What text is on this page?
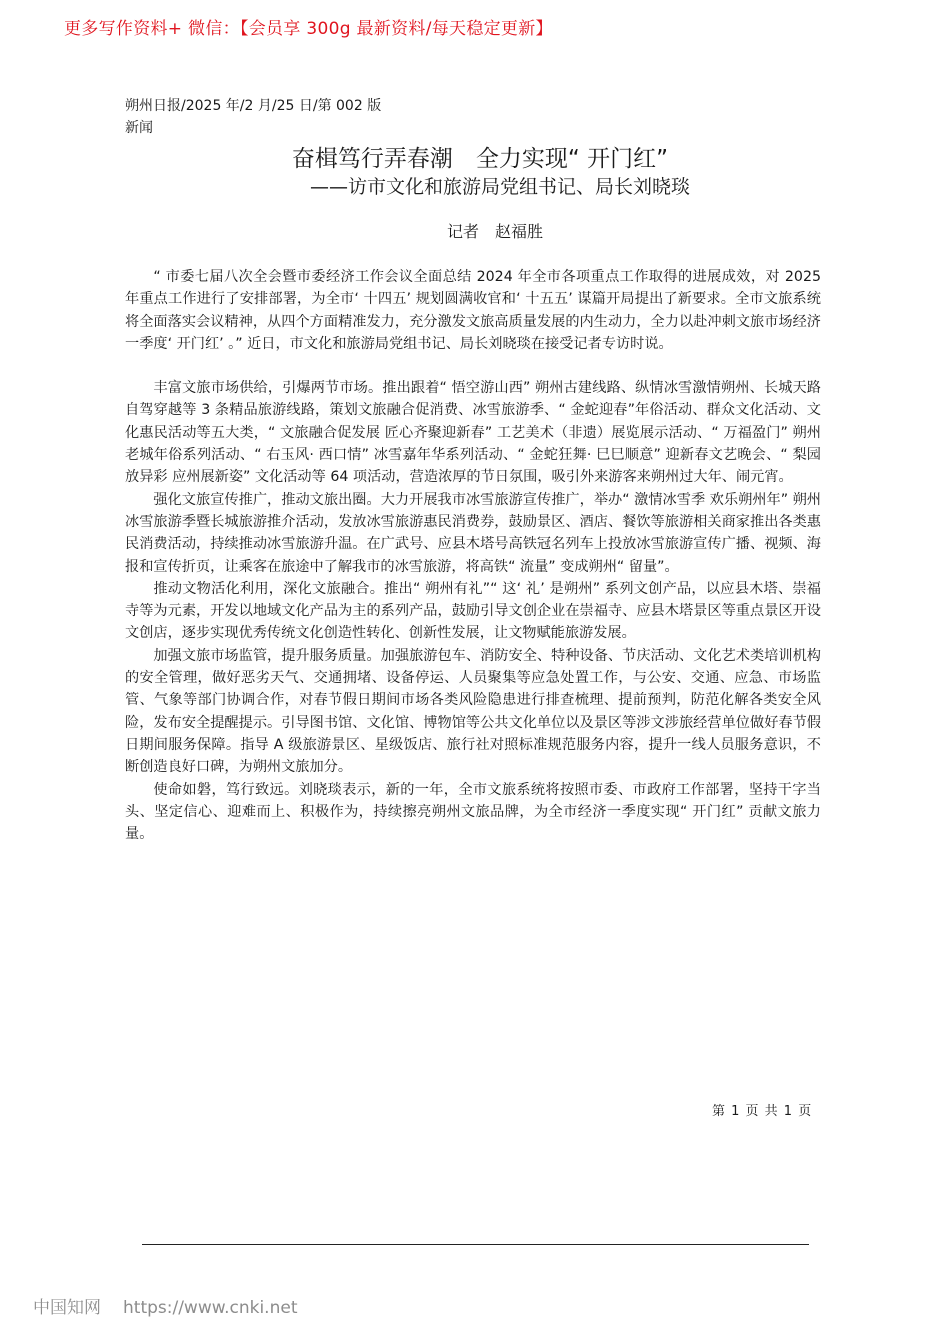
更多写作资料+ 微信：【会员享 300g 最新资料/每天稳定更新】
朔州日报/2025 年/2 月/25 日/第 002 版新闻
奋楫笃行弄春潮　全力实现“ 开门红”
——访市文化和旅游局党组书记、局长刘晓琰
记者　赵福胜

“ 市委七届八次全会暨市委经济工作会议全面总结 2024 年全市各项重点工作取得的进展成效，对 2025 年重点工作进行了安排部署，为全市‘ 十四五’ 规划圆满收官和‘ 十五五’ 谋篇开局提出了新要求。全市文旅系统将全面落实会议精神，从四个方面精准发力，充分激发文旅高质量发展的内生动力，全力以赴冲刺文旅市场经济一季度‘ 开门红’ 。” 近日，市文化和旅游局党组书记、局长刘晓琰在接受记者专访时说。

丰富文旅市场供给，引爆两节市场。推出跟着“ 悟空游山西” 朔州古建线路、纵情冰雪激情朔州、长城天路自驾穿越等 3 条精品旅游线路，策划文旅融合促消费、冰雪旅游季、“ 金蛇迎春”年俗活动、群众文化活动、文化惠民活动等五大类，“ 文旅融合促发展 匠心齐聚迎新春” 工艺美术（非遗）展览展示活动、“ 万福盈门” 朔州老城年俗系列活动、“ 右玉风· 西口情” 冰雪嘉年华系列活动、“ 金蛇狂舞· 巳巳顺意” 迎新春文艺晚会、“ 梨园放异彩 应州展新姿” 文化活动等 64 项活动，营造浓厚的节日氛围，吸引外来游客来朔州过大年、闹元宵。

强化文旅宣传推广，推动文旅出圈。大力开展我市冰雪旅游宣传推广，举办“ 激情冰雪季 欢乐朔州年” 朔州冰雪旅游季暨长城旅游推介活动，发放冰雪旅游惠民消费券，鼓励景区、酒店、餐饮等旅游相关商家推出各类惠民消费活动，持续推动冰雪旅游升温。在广武号、应县木塔号高铁冠名列车上投放冰雪旅游宣传广播、视频、海报和宣传折页，让乘客在旅途中了解我市的冰雪旅游，将高铁“ 流量” 变成朔州“ 留量”。

推动文物活化利用，深化文旅融合。推出“ 朔州有礼”“ 这‘ 礼’ 是朔州” 系列文创产品，以应县木塔、崇福寺等为元素，开发以地域文化产品为主的系列产品，鼓励引导文创企业在崇福寺、应县木塔景区等重点景区开设文创店，逐步实现优秀传统文化创造性转化、创新性发展，让文物赋能旅游发展。

加强文旅市场监管，提升服务质量。加强旅游包车、消防安全、特种设备、节庆活动、文化艺术类培训机构的安全管理，做好恶劣天气、交通拥堵、设备停运、人员聚集等应急处置工作，与公安、交通、应急、市场监管、气象等部门协调合作，对春节假日期间市场各类风险隐患进行排查梳理、提前预判，防范化解各类安全风险，发布安全提醒提示。引导图书馆、文化馆、博物馆等公共文化单位以及景区等涉文涉旅经营单位做好春节假日期间服务保障。指导 A 级旅游景区、星级饭店、旅行社对照标准规范服务内容，提升一线人员服务意识，不断创造良好口碑，为朔州文旅加分。

使命如磐，笃行致远。刘晓琰表示，新的一年，全市文旅系统将按照市委、市政府工作部署，坚持干字当头、坚定信心、迎难而上、积极作为，持续擦亮朔州文旅品牌，为全市经济一季度实现“ 开门红” 贡献文旅力量。

第 1 页 共 1 页
中国知网 https://www.cnki.net
